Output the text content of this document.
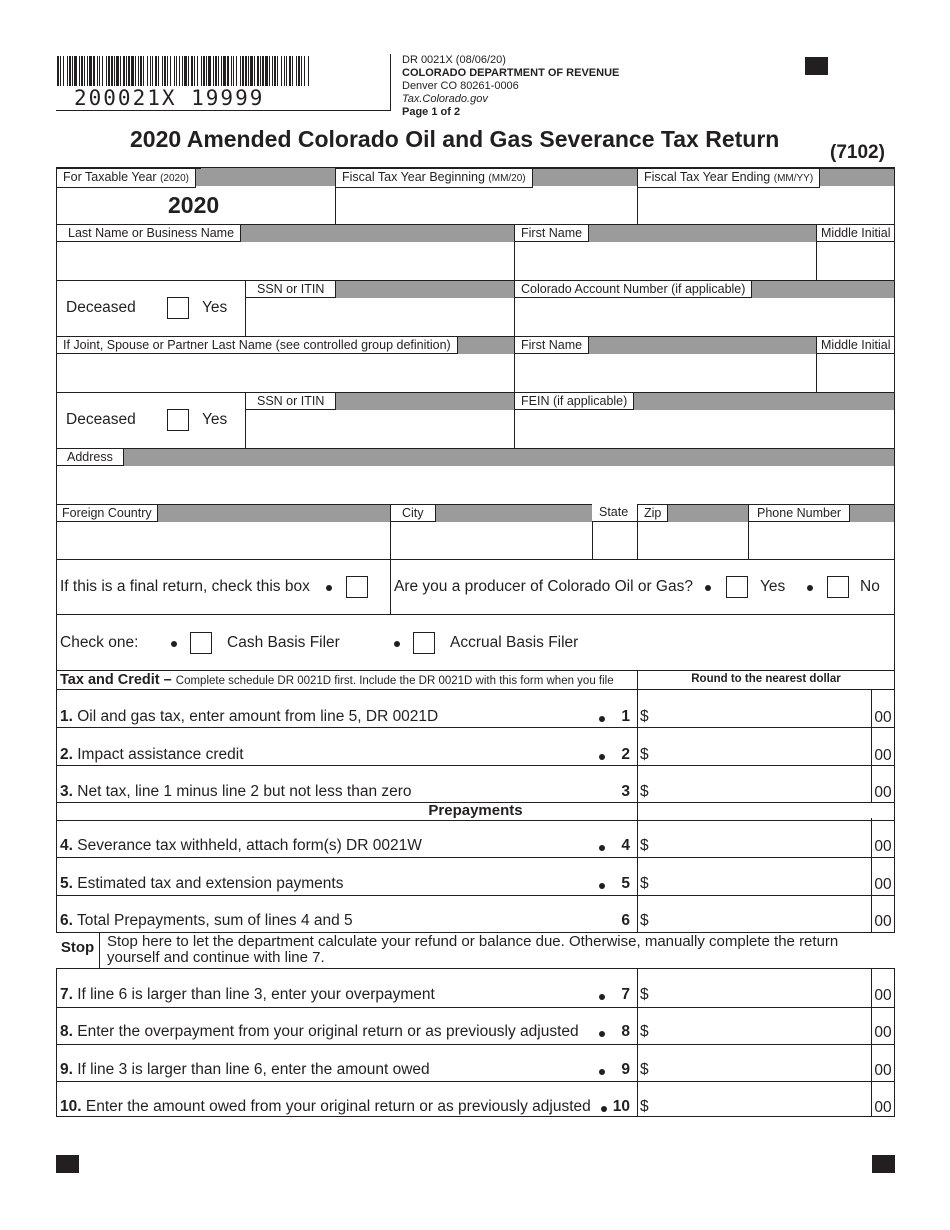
200021X 19999
DR 0021X (08/06/20)
COLORADO DEPARTMENT OF REVENUE
Denver CO 80261-0006
Tax.Colorado.gov
Page 1 of 2
2020 Amended Colorado Oil and Gas Severance Tax Return
(7102)
For Taxable Year (2020)	Fiscal Tax Year Beginning (MM/20)	Fiscal Tax Year Ending (MM/YY)
2020
Last Name or Business Name	First Name	Middle Initial
Deceased	Yes
SSN or ITIN	Colorado Account Number (if applicable)
If Joint, Spouse or Partner Last Name (see controlled group definition)	First Name	Middle Initial
Deceased	Yes
SSN or ITIN	FEIN (if applicable)
Address
Foreign Country	City	State	Zip	Phone Number
If this is a final return, check this box	Are you a producer of Colorado Oil or Gas?	Yes	No
Check one:	Cash Basis Filer	Accrual Basis Filer
Tax and Credit – Complete schedule DR 0021D first. Include the DR 0021D with this form when you file	Round to the nearest dollar
1. Oil and gas tax, enter amount from line 5, DR 0021D	1 $	00
2. Impact assistance credit	2 $	00
3. Net tax, line 1 minus line 2 but not less than zero	3 $	00
4. Severance tax withheld, attach form(s) DR 0021W	4 $	00
5. Estimated tax and extension payments	5 $	00
6. Total Prepayments, sum of lines 4 and 5	6 $	00
7. If line 6 is larger than line 3, enter your overpayment	7 $	00
8. Enter the overpayment from your original return or as previously adjusted	8 $	00
9. If line 3 is larger than line 6, enter the amount owed	9 $	00
10. Enter the amount owed from your original return or as previously adjusted	10 $	00
Prepayments
Stop Stop here to let the department calculate your refund or balance due. Otherwise, manually complete the return yourself and continue with line 7.
